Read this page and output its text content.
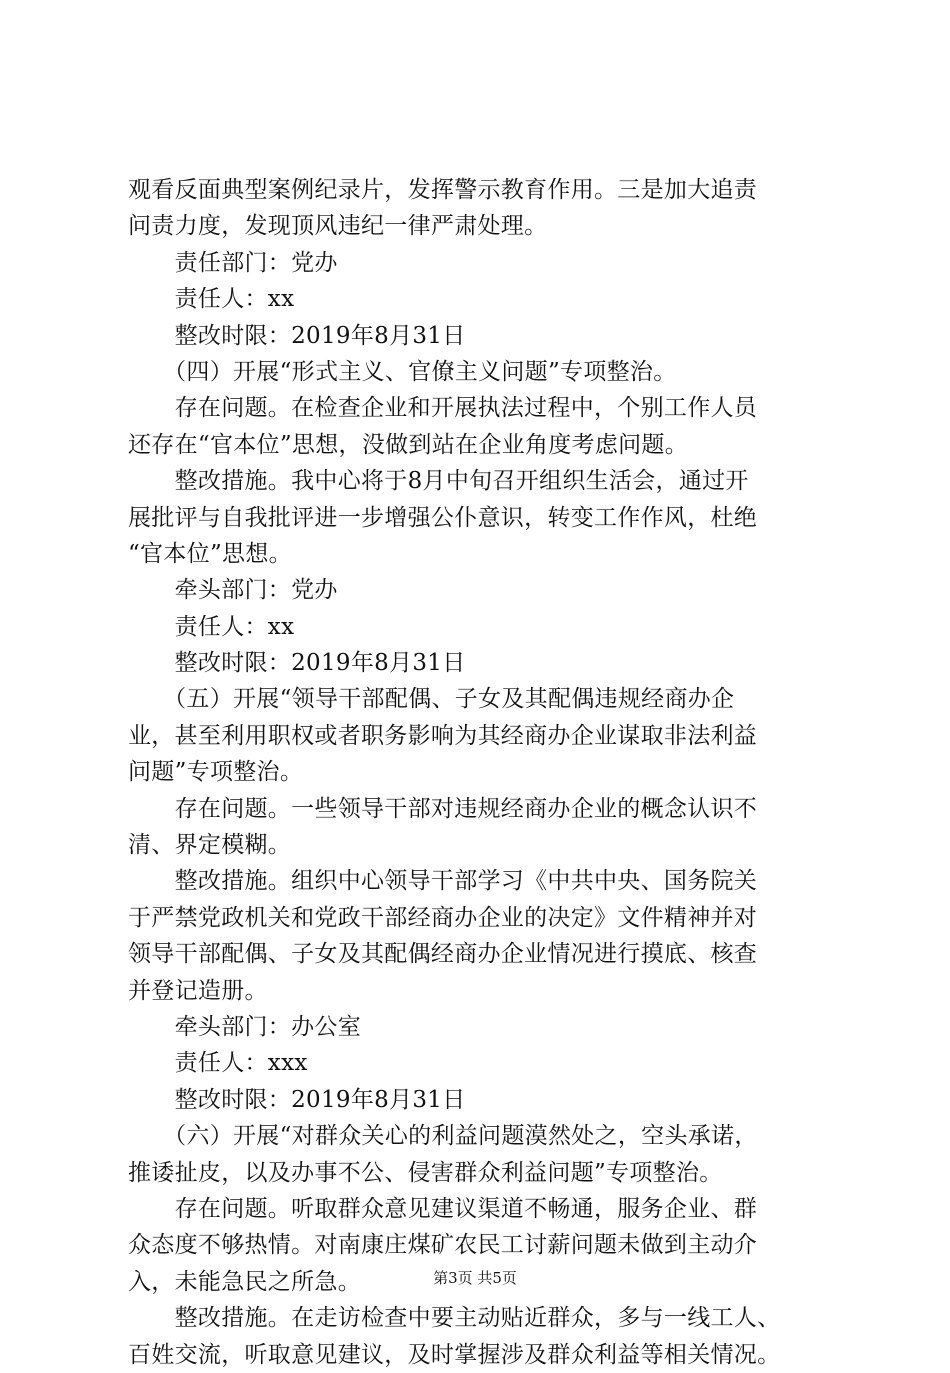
观看反面典型案例纪录片，发挥警示教育作用。三是加大追责
问责力度，发现顶风违纪一律严肃处理。
　　责任部门：党办
　　责任人：xx
　　整改时限：2019年8月31日
　　（四）开展“形式主义、官僚主义问题”专项整治。
　　存在问题。在检查企业和开展执法过程中，个别工作人员
还存在“官本位”思想，没做到站在企业角度考虑问题。
　　整改措施。我中心将于8月中旬召开组织生活会，通过开
展批评与自我批评进一步增强公仆意识，转变工作作风，杜绝
“官本位”思想。
　　牵头部门：党办
　　责任人：xx
　　整改时限：2019年8月31日
　　（五）开展“领导干部配偶、子女及其配偶违规经商办企
业，甚至利用职权或者职务影响为其经商办企业谋取非法利益
问题”专项整治。
　　存在问题。一些领导干部对违规经商办企业的概念认识不
清、界定模糊。
　　整改措施。组织中心领导干部学习《中共中央、国务院关
于严禁党政机关和党政干部经商办企业的决定》文件精神并对
领导干部配偶、子女及其配偶经商办企业情况进行摸底、核查
并登记造册。
　　牵头部门：办公室
　　责任人：xxx
　　整改时限：2019年8月31日
　　（六）开展“对群众关心的利益问题漠然处之，空头承诺，
推诿扯皮，以及办事不公、侵害群众利益问题”专项整治。
　　存在问题。听取群众意见建议渠道不畅通，服务企业、群
众态度不够热情。对南康庄煤矿农民工讨薪问题未做到主动介
入，未能急民之所急。
　　整改措施。在走访检查中要主动贴近群众，多与一线工人、
百姓交流，听取意见建议，及时掌握涉及群众利益等相关情况。
第3页 共5页
